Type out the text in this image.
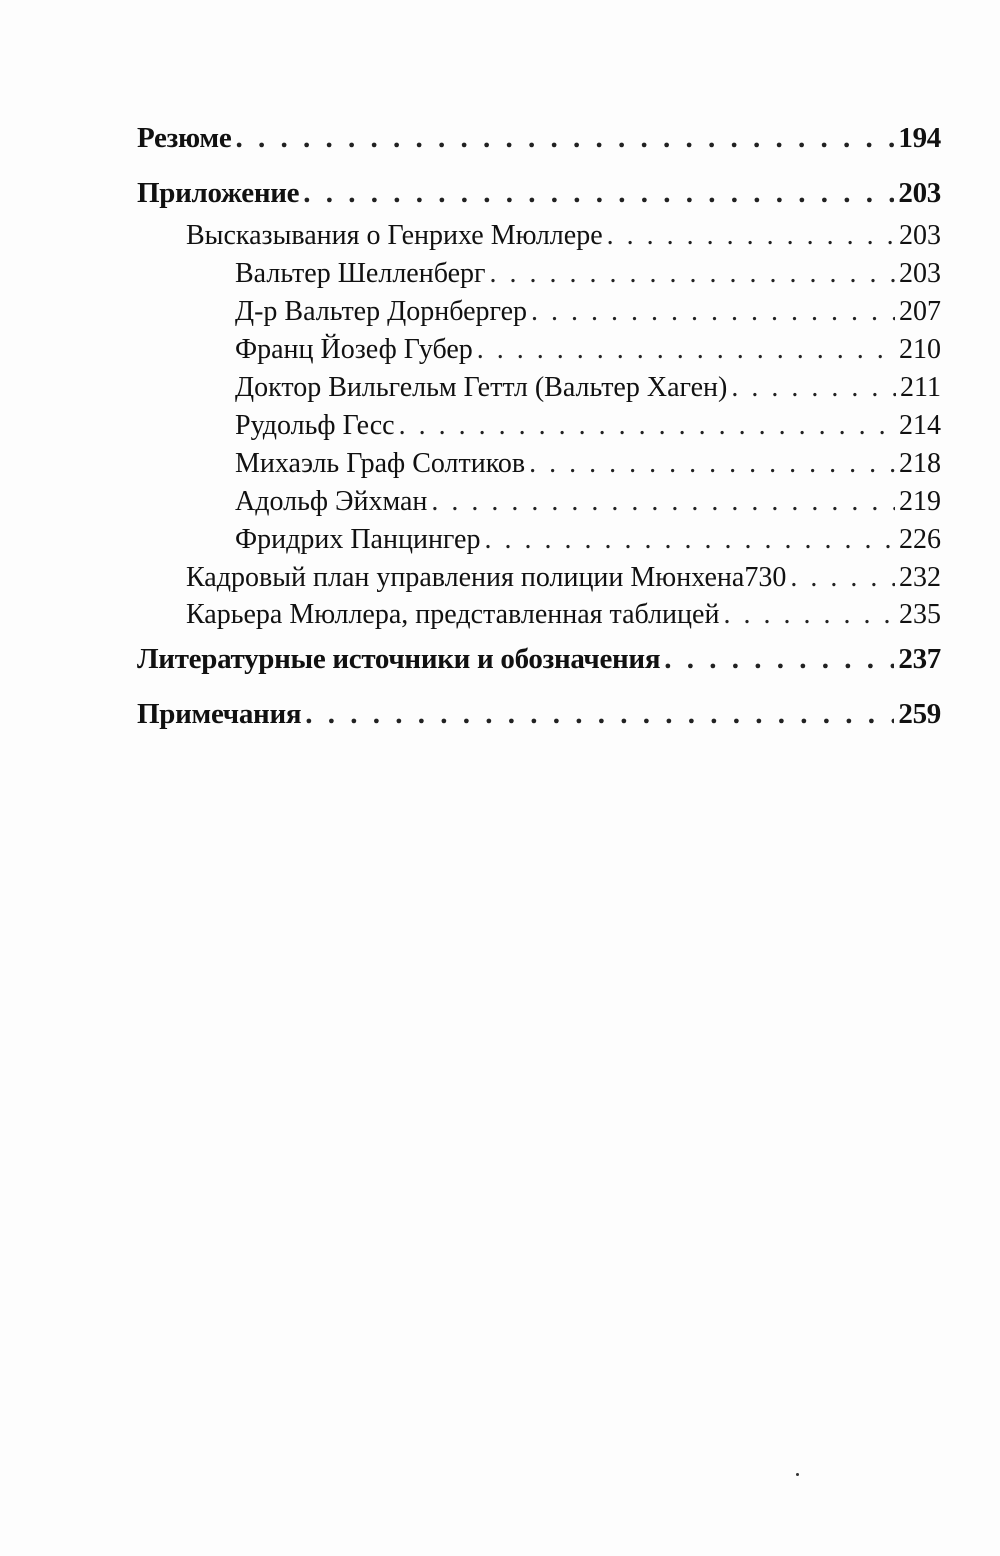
Резюме . . .	194
Приложение . . .	203
Высказывания о Генрихе Мюллере . . .	203
Вальтер Шелленберг . . .	203
Д-р Вальтер Дорнбергер . . .	207
Франц Йозеф Губер . . .	210
Доктор Вильгельм Геттл (Вальтер Хаген) . . .	211
Рудольф Гесс . . .	214
Михаэль Граф Солтиков . . .	218
Адольф Эйхман . . .	219
Фридрих Панцингер . . .	226
Кадровый план управления полиции Мюнхена730 . . .	232
Карьера Мюллера, представленная таблицей . . .	235
Литературные источники и обозначения . . .	237
Примечания . . .	259
